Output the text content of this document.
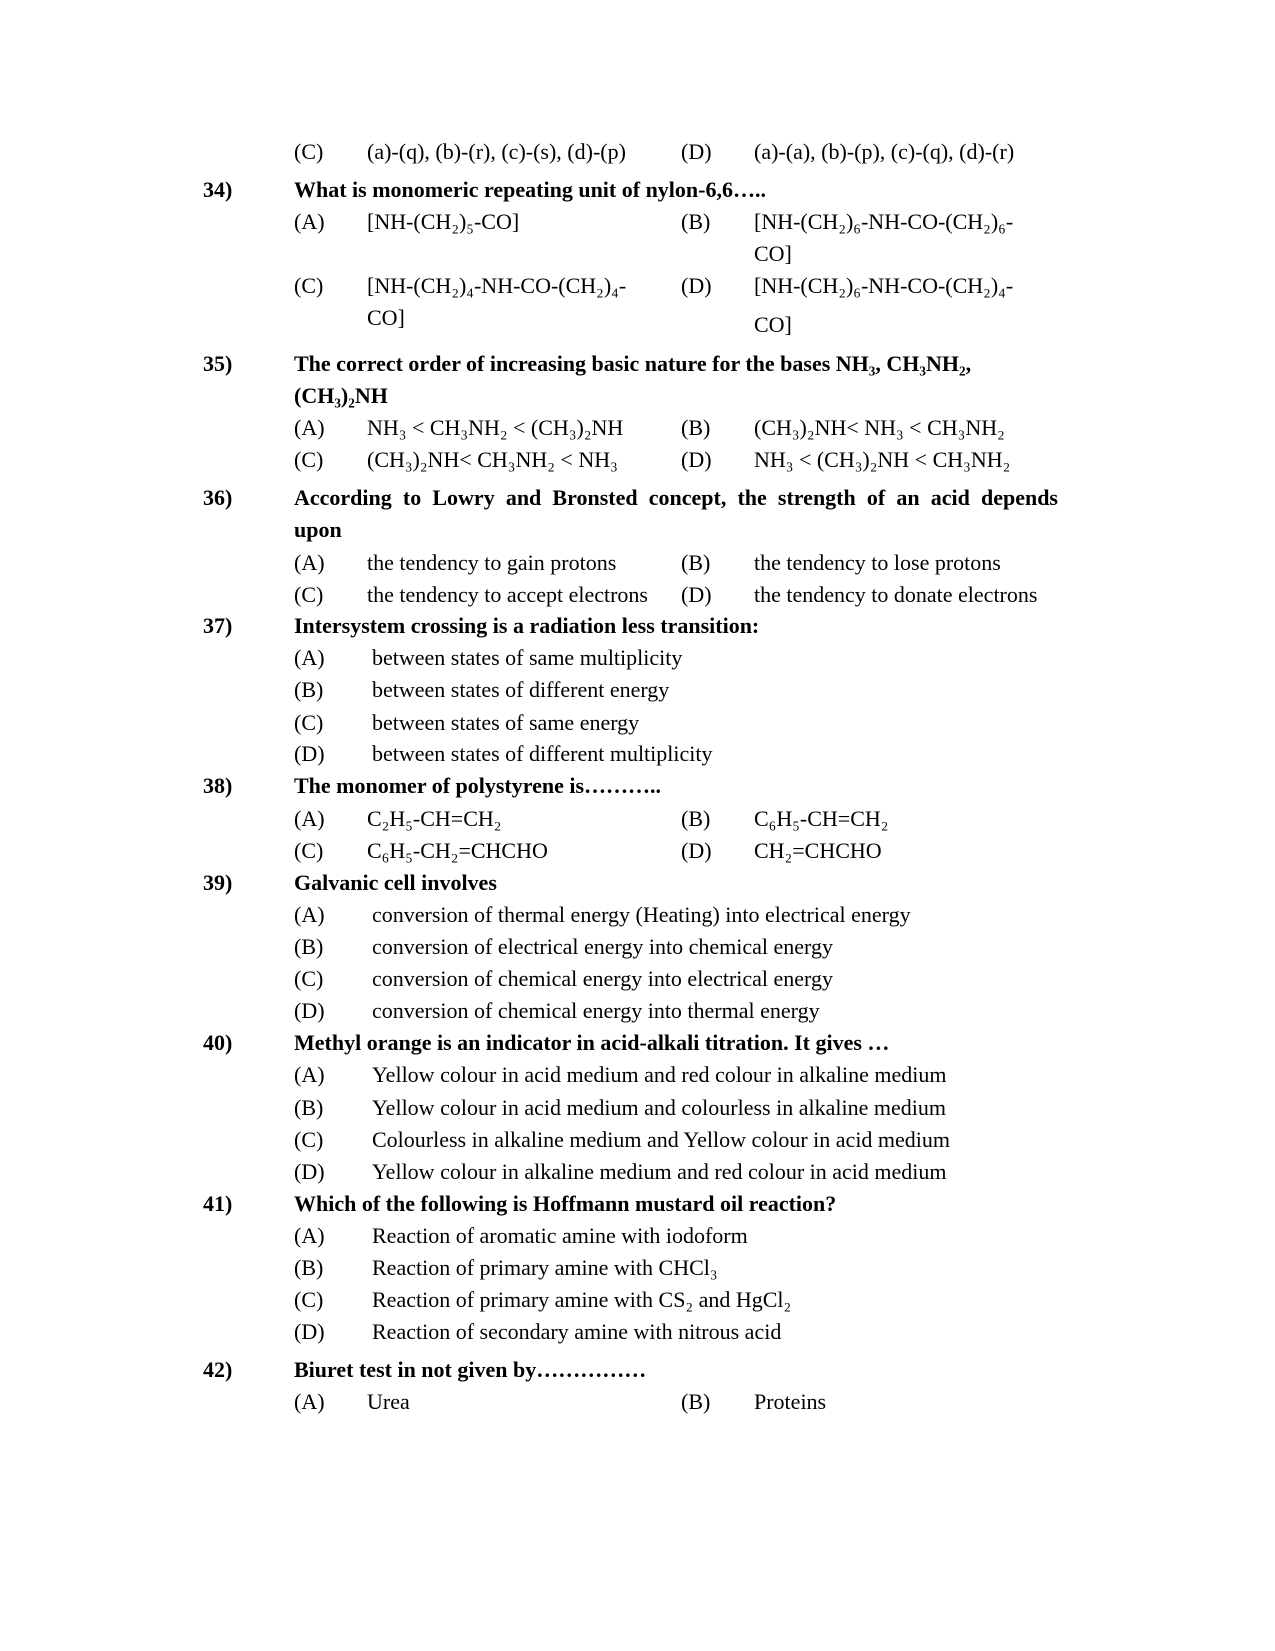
(C) (a)-(q), (b)-(r), (c)-(s), (d)-(p)	(D) (a)-(a), (b)-(p), (c)-(q), (d)-(r)
34)	What is monomeric repeating unit of nylon-6,6…..
(A) [NH-(CH₂)₅-CO]	(B) [NH-(CH₂)₆-NH-CO-(CH₂)₆-
CO]
(C) [NH-(CH₂)₄-NH-CO-(CH₂)₄-
CO]
(D) [NH-(CH₂)₆-NH-CO-(CH₂)₄-
CO]
35)	The correct order of increasing basic nature for the bases NH₃, CH₃NH₂,
(CH₃)₂NH
(A) NH₃ < CH₃NH₂ < (CH₃)₂NH	(B) (CH₃)₂NH< NH₃ < CH₃NH₂
(C) (CH₃)₂NH< CH₃NH₂ < NH₃	(D) NH₃ < (CH₃)₂NH < CH₃NH₂
36)	According to Lowry and Bronsted concept, the strength of an acid depends
upon
(A) the tendency to gain protons	(B) the tendency to lose protons
(C) the tendency to accept electrons (D) the tendency to donate electrons
37)	Intersystem crossing is a radiation less transition:
(A) between states of same multiplicity
(B) between states of different energy
(C) between states of same energy
(D) between states of different multiplicity
38)	The monomer of polystyrene is………..
(A) C₂H₅-CH=CH₂	(B) C₆H₅-CH=CH₂
(C) C₆H₅-CH₂=CHCHO	(D) CH₂=CHCHO
39)	Galvanic cell involves
(A) conversion of thermal energy (Heating) into electrical energy
(B) conversion of electrical energy into chemical energy
(C) conversion of chemical energy into electrical energy
(D) conversion of chemical energy into thermal energy
40)	Methyl orange is an indicator in acid-alkali titration. It gives …
(A) Yellow colour in acid medium and red colour in alkaline medium
(B) Yellow colour in acid medium and colourless in alkaline medium
(C) Colourless in alkaline medium and Yellow colour in acid medium
(D) Yellow colour in alkaline medium and red colour in acid medium
41)	Which of the following is Hoffmann mustard oil reaction?
(A) Reaction of aromatic amine with iodoform
(B) Reaction of primary amine with CHCl₃
(C) Reaction of primary amine with CS₂ and HgCl₂
(D) Reaction of secondary amine with nitrous acid
42)	Biuret test in not given by……………
(A) Urea	(B) Proteins
